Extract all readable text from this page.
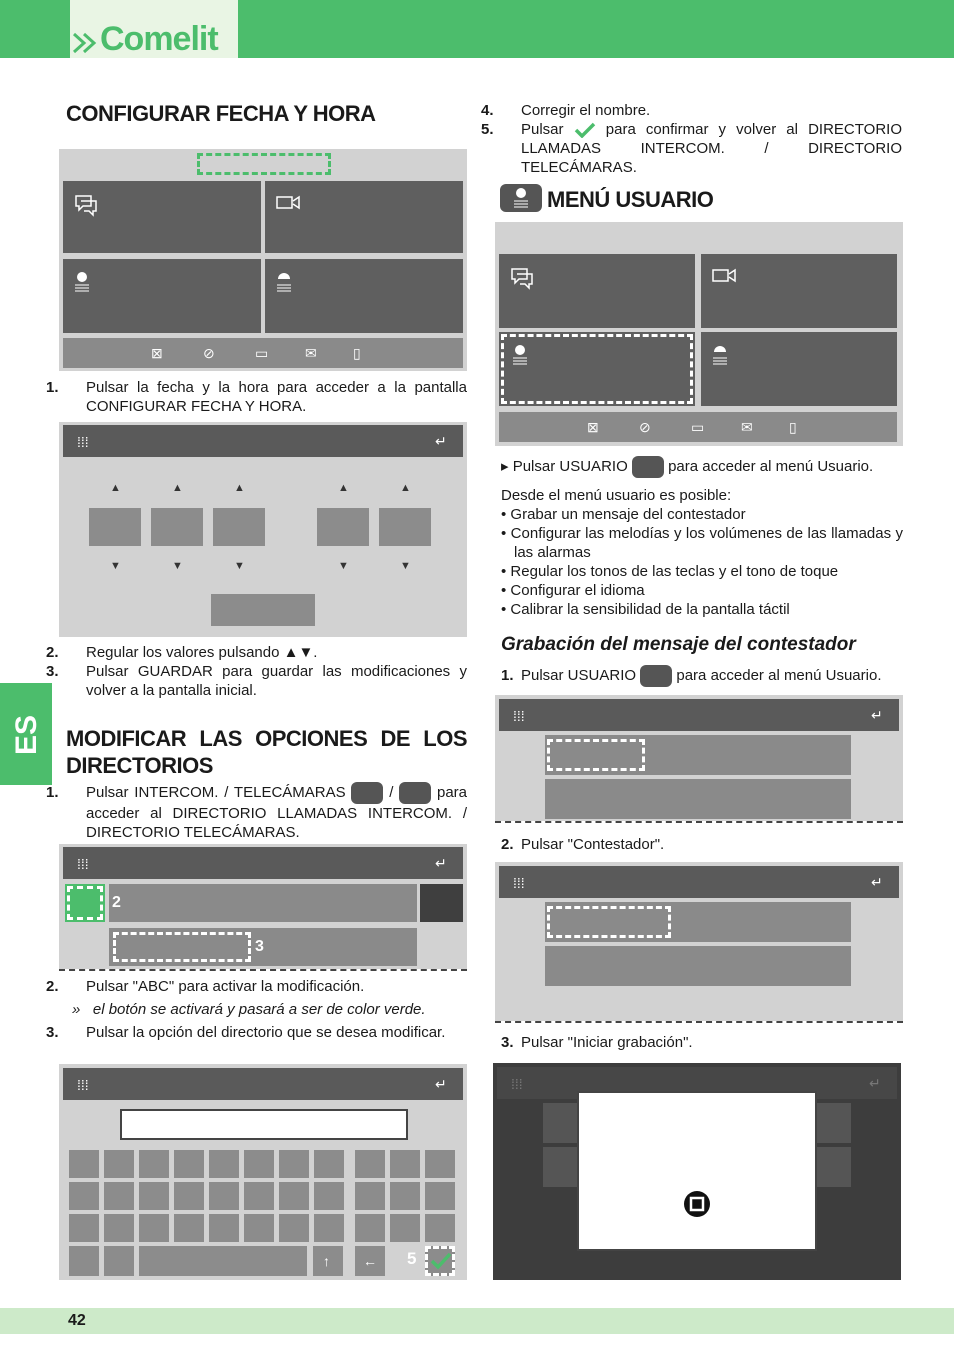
Comelit
ES
CONFIGURAR FECHA Y HORA
⊠	⊘	▭	✉	▯
1. Pulsar la fecha y la hora para acceder a la pantalla CONFIGURAR FECHA Y HORA.
⁞⁞⁞	↵
▲	▲	▲	▲	▲
▼	▼	▼	▼	▼
2. Regular los valores pulsando ▲▼.
3. Pulsar GUARDAR para guardar las modificaciones y volver a la pantalla inicial.
MODIFICAR LAS OPCIONES DE LOS DIRECTORIOS
1. Pulsar INTERCOM. / TELECÁMARAS	/	para acceder al DIRECTORIO LLAMADAS INTERCOM. / DIRECTORIO TELECÁMARAS.
⁞⁞⁞	↵
2
3
2. Pulsar "ABC" para activar la modificación.
» el botón se activará y pasará a ser de color verde.
3. Pulsar la opción del directorio que se desea modificar.
⁞⁞⁞	↵
↑ ← 5
4. Corregir el nombre.
5. Pulsar	para confirmar y volver al DIRECTORIO LLAMADAS INTERCOM. / DIRECTORIO TELECÁMARAS.
MENÚ USUARIO
⊠	⊘	▭	✉	▯
▸ Pulsar USUARIO	para acceder al menú Usuario.
Desde el menú usuario es posible:
• Grabar un mensaje del contestador
• Configurar las melodías y los volúmenes de las llamadas y las alarmas
• Regular los tonos de las teclas y el tono de toque
• Configurar el idioma
• Calibrar la sensibilidad de la pantalla táctil
Grabación del mensaje del contestador
1. Pulsar USUARIO	para acceder al menú Usuario.
⁞⁞⁞	↵
2. Pulsar "Contestador".
⁞⁞⁞	↵
3. Pulsar "Iniciar grabación".
⁞⁞⁞	↵
42
